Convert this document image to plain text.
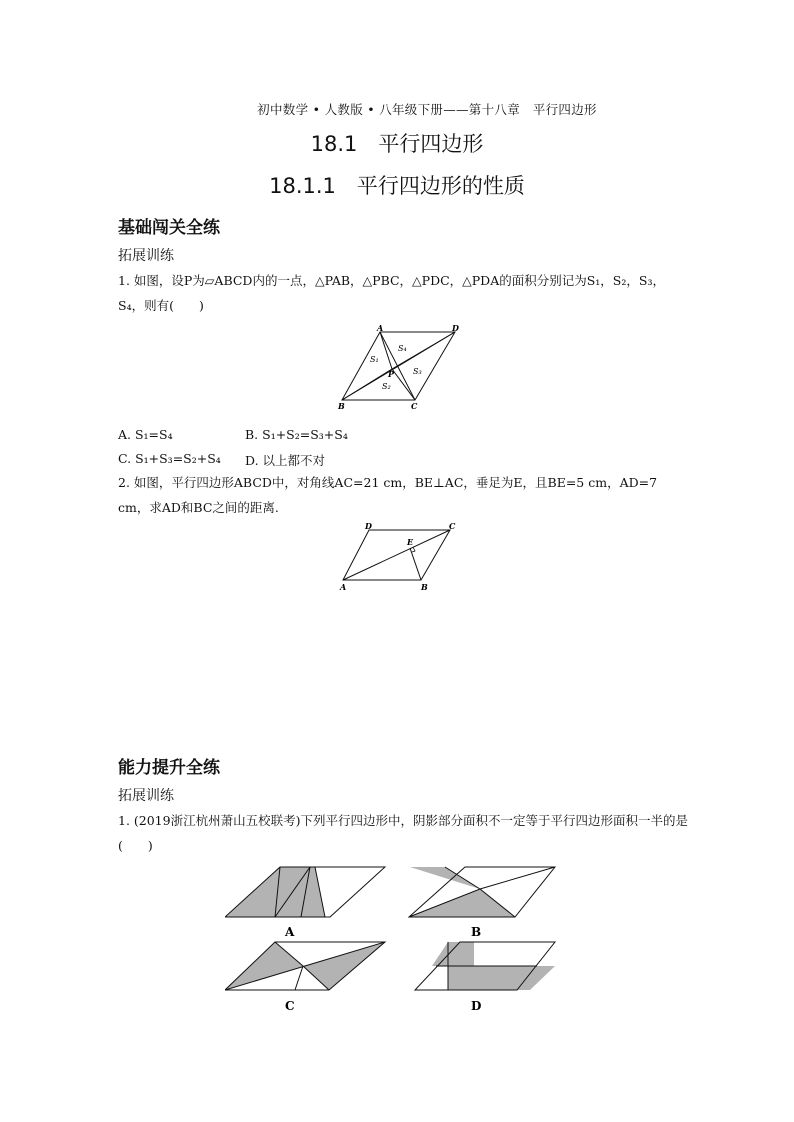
初中数学 • 人教版 • 八年级下册——第十八章　平行四边形
18.1　平行四边形
18.1.1　平行四边形的性质
基础闯关全练
拓展训练
1. 如图，设P为▱ABCD内的一点，△PAB，△PBC，△PDC，△PDA的面积分别记为S₁，S₂，S₃，S₄，则有(　　)
A	D
B	C
P
S₁
S₂
S₃
S₄
A. S₁=S₄	B. S₁+S₂=S₃+S₄
C. S₁+S₃=S₂+S₄ D. 以上都不对
2. 如图，平行四边形ABCD中，对角线AC=21 cm，BE⊥AC，垂足为E，且BE=5 cm，AD=7 cm，求AD和BC之间的距离.
D	C
E
A	B
能力提升全练
拓展训练
1. (2019浙江杭州萧山五校联考)下列平行四边形中，阴影部分面积不一定等于平行四边形面积一半的是(　　)
A	B
C	D
